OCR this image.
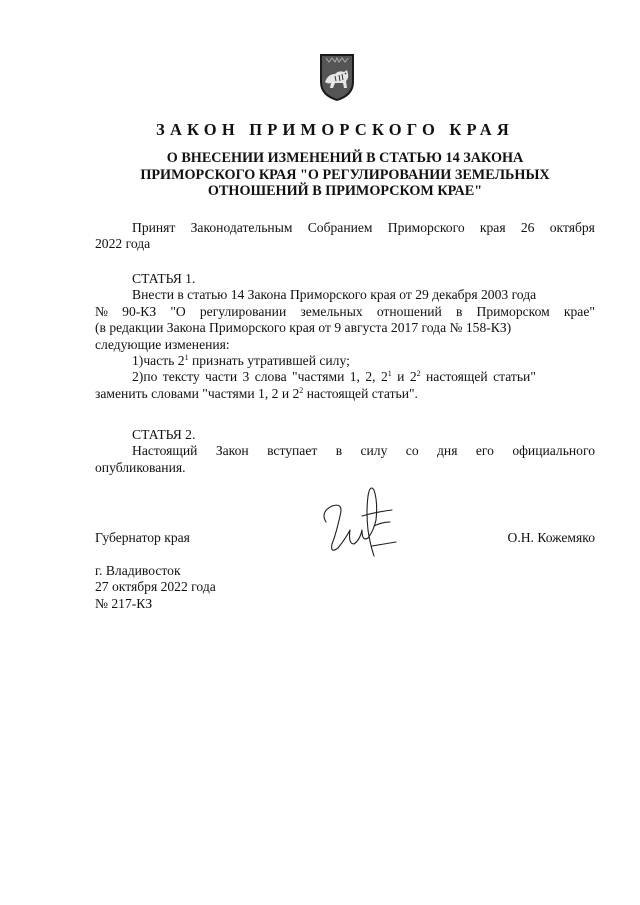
ЗАКОН ПРИМОРСКОГО КРАЯ
О ВНЕСЕНИИ ИЗМЕНЕНИЙ В СТАТЬЮ 14 ЗАКОНА
ПРИМОРСКОГО КРАЯ "О РЕГУЛИРОВАНИИ ЗЕМЕЛЬНЫХ
ОТНОШЕНИЙ В ПРИМОРСКОМ КРАЕ"
Принят Законодательным Собранием Приморского края 26 октября
2022 года
СТАТЬЯ 1.
Внести в статью 14 Закона Приморского края от 29 декабря 2003 года
№ 90-КЗ "О регулировании земельных отношений в Приморском крае"
(в редакции Закона Приморского края от 9 августа 2017 года № 158-КЗ)
следующие изменения:
1)часть $2^1$ признать утратившей силу;
2)по тексту части 3 слова "частями 1, 2, $2^1$ и $2^2$ настоящей статьи"
заменить словами "частями 1, 2 и $2^2$ настоящей статьи".
СТАТЬЯ 2.
Настоящий Закон вступает в силу со дня его официального
опубликования.
Губернатор края	О.Н. Кожемяко
г. Владивосток
27 октября 2022 года
№ 217-КЗ
